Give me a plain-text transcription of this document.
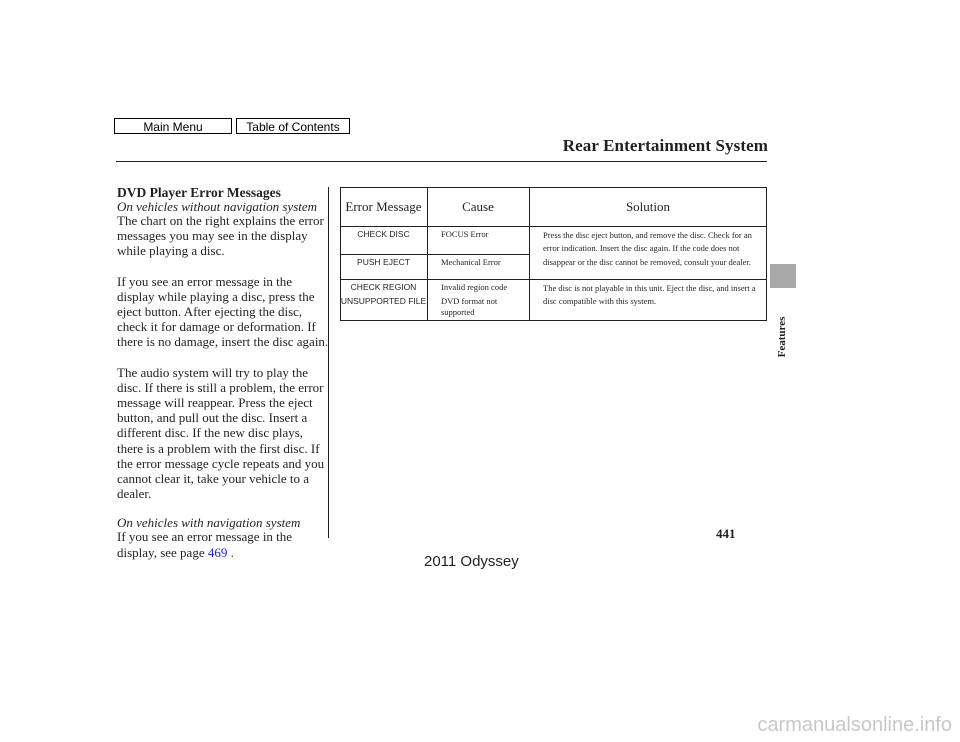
Main Menu	Table of Contents
Rear Entertainment System
DVD Player Error Messages
On vehicles without navigation system

The chart on the right explains the error messages you may see in the display while playing a disc.

If you see an error message in the display while playing a disc, press the eject button. After ejecting the disc, check it for damage or deformation. If there is no damage, insert the disc again.

The audio system will try to play the disc. If there is still a problem, the error message will reappear. Press the eject button, and pull out the disc. Insert a different disc. If the new disc plays, there is a problem with the first disc. If the error message cycle repeats and you cannot clear it, take your vehicle to a dealer.

On vehicles with navigation system

If you see an error message in the display, see page 469 .

Error Message	Cause	Solution
CHECK DISC	FOCUS Error	Press the disc eject button, and remove the disc. Check for an error indication. Insert the disc again. If the code does not disappear or the disc cannot be removed, consult your dealer.
PUSH EJECT	Mechanical Error	
CHECK REGION	Invalid region code	The disc is not playable in this unit. Eject the disc, and insert a disc compatible with this system.
UNSUPPORTED FILE	DVD format not supported	
Features
441
2011 Odyssey
carmanualsonline.info
